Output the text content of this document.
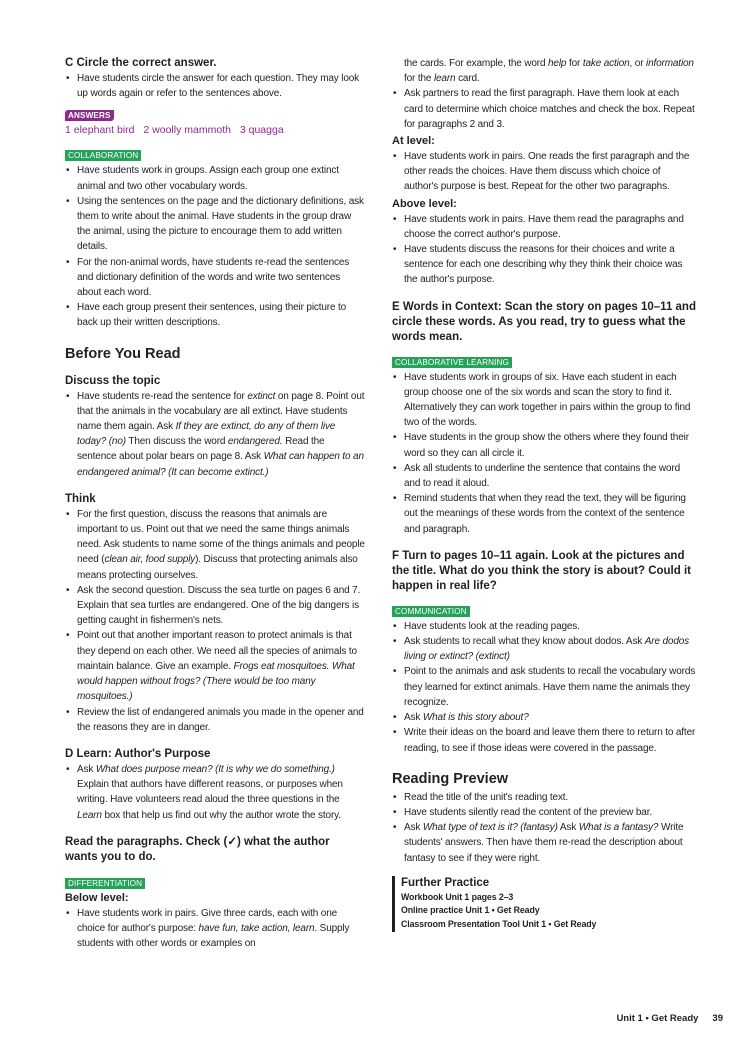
C Circle the correct answer.
• Have students circle the answer for each question. They may look up words again or refer to the sentences above.
ANSWERS
1 elephant bird 2 woolly mammoth 3 quagga
COLLABORATION
• Have students work in groups. Assign each group one extinct animal and two other vocabulary words.
• Using the sentences on the page and the dictionary definitions, ask them to write about the animal. Have students in the group draw the animal, using the picture to encourage them to add written details.
• For the non-animal words, have students re-read the sentences and dictionary definition of the words and write two sentences about each word.
• Have each group present their sentences, using their picture to back up their written descriptions.
Before You Read
Discuss the topic
• Have students re-read the sentence for extinct on page 8. Point out that the animals in the vocabulary are all extinct. Have students name them again. Ask If they are extinct, do any of them live today? (no) Then discuss the word endangered. Read the sentence about polar bears on page 8. Ask What can happen to an endangered animal? (It can become extinct.)
Think
• For the first question, discuss the reasons that animals are important to us. Point out that we need the same things animals need. Ask students to name some of the things animals and people need (clean air, food supply). Discuss that protecting animals also means protecting ourselves.
• Ask the second question. Discuss the sea turtle on pages 6 and 7. Explain that sea turtles are endangered. One of the big dangers is getting caught in fishermen's nets.
• Point out that another important reason to protect animals is that they depend on each other. We need all the species of animals to maintain balance. Give an example. Frogs eat mosquitoes. What would happen without frogs? (There would be too many mosquitoes.)
• Review the list of endangered animals you made in the opener and the reasons they are in danger.
D Learn: Author's Purpose
• Ask What does purpose mean? (It is why we do something.) Explain that authors have different reasons, or purposes when writing. Have volunteers read aloud the three questions in the Learn box that help us find out why the author wrote the story.
Read the paragraphs. Check (✓) what the author wants you to do.
DIFFERENTIATION
Below level:
• Have students work in pairs. Give three cards, each with one choice for author's purpose: have fun, take action, learn. Supply students with other words or examples on
the cards. For example, the word help for take action, or information for the learn card.
• Ask partners to read the first paragraph. Have them look at each card to determine which choice matches and check the box. Repeat for paragraphs 2 and 3.
At level:
• Have students work in pairs. One reads the first paragraph and the other reads the choices. Have them discuss which choice of author's purpose is best. Repeat for the other two paragraphs.
Above level:
• Have students work in pairs. Have them read the paragraphs and choose the correct author's purpose.
• Have students discuss the reasons for their choices and write a sentence for each one describing why they think their choice was the author's purpose.
E Words in Context: Scan the story on pages 10–11 and circle these words. As you read, try to guess what the words mean.
COLLABORATIVE LEARNING
• Have students work in groups of six. Have each student in each group choose one of the six words and scan the story to find it. Alternatively they can work together in pairs within the group to find two of the words.
• Have students in the group show the others where they found their word so they can all circle it.
• Ask all students to underline the sentence that contains the word and to read it aloud.
• Remind students that when they read the text, they will be figuring out the meanings of these words from the context of the sentence and paragraph.
F Turn to pages 10–11 again. Look at the pictures and the title. What do you think the story is about? Could it happen in real life?
COMMUNICATION
• Have students look at the reading pages.
• Ask students to recall what they know about dodos. Ask Are dodos living or extinct? (extinct)
• Point to the animals and ask students to recall the vocabulary words they learned for extinct animals. Have them name the animals they recognize.
• Ask What is this story about?
• Write their ideas on the board and leave them there to return to after reading, to see if those ideas were covered in the passage.
Reading Preview
• Read the title of the unit's reading text.
• Have students silently read the content of the preview bar.
• Ask What type of text is it? (fantasy) Ask What is a fantasy? Write students' answers. Then have them re-read the description about fantasy to see if they were right.
Further Practice
Workbook Unit 1 pages 2–3
Online practice Unit 1 • Get Ready
Classroom Presentation Tool Unit 1 • Get Ready
Unit 1 • Get Ready 39
